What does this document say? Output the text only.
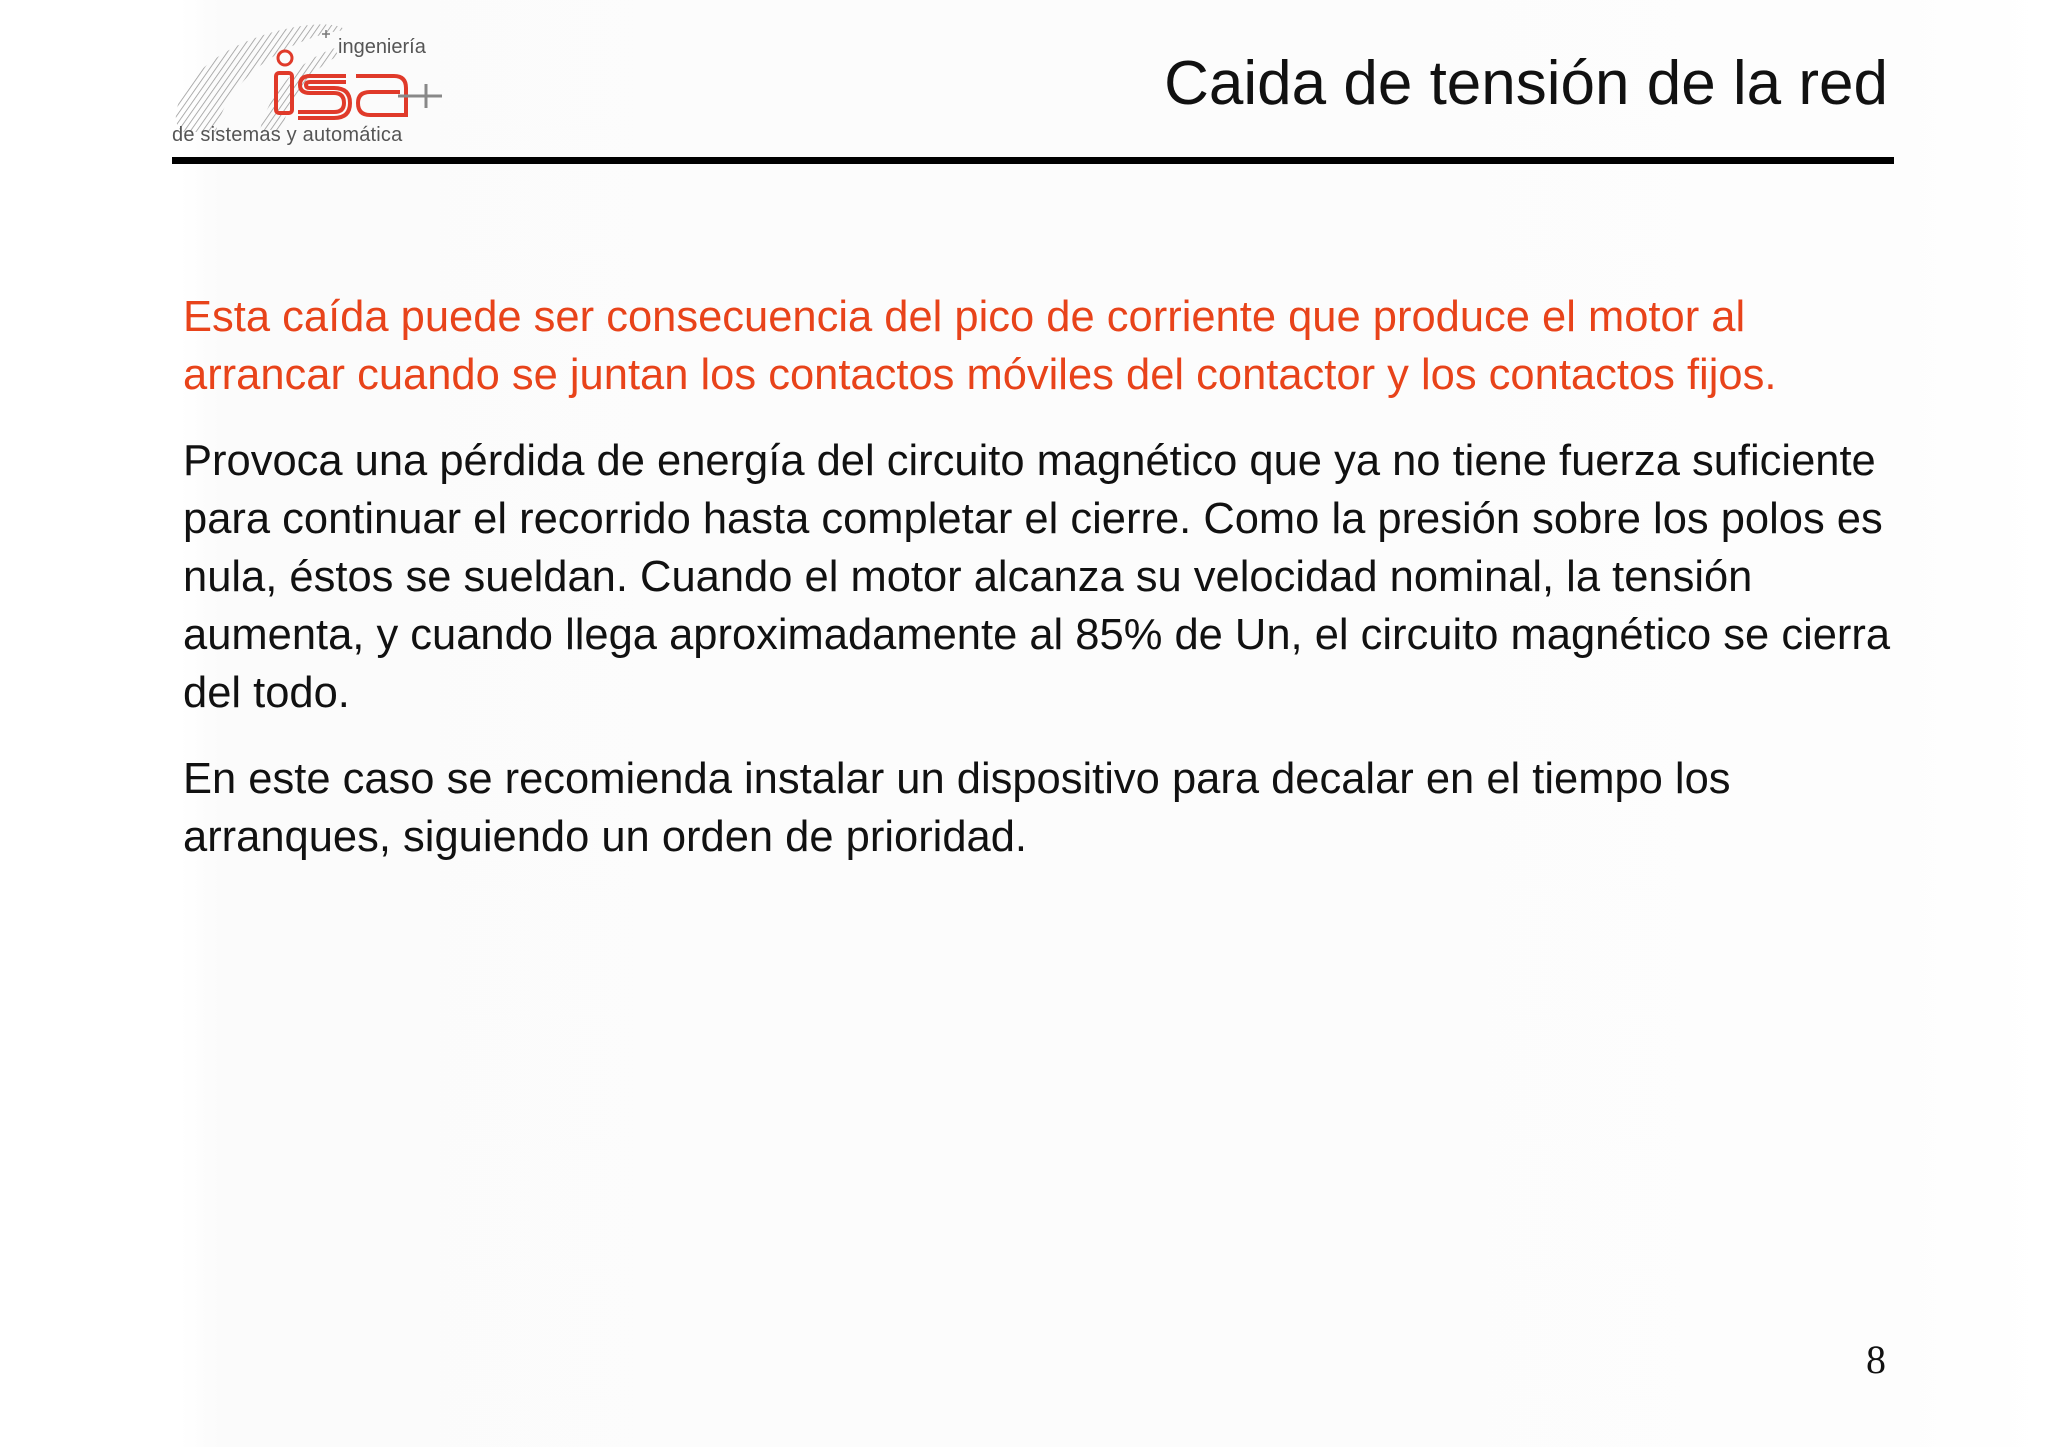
ingeniería
de sistemas y automática
Caida de tensión de la red

Esta caída puede ser consecuencia del pico de corriente que produce el motor al arrancar cuando se juntan los contactos móviles del contactor y los contactos fijos.

Provoca una pérdida de energía del circuito magnético que ya no tiene fuerza suficiente para continuar el recorrido hasta completar el cierre. Como la presión sobre los polos es nula, éstos se sueldan. Cuando el motor alcanza su velocidad nominal, la tensión aumenta, y cuando llega aproximadamente al 85% de Un, el circuito magnético se cierra del todo.

En este caso se recomienda instalar un dispositivo para decalar en el tiempo los arranques, siguiendo un orden de prioridad.

8
